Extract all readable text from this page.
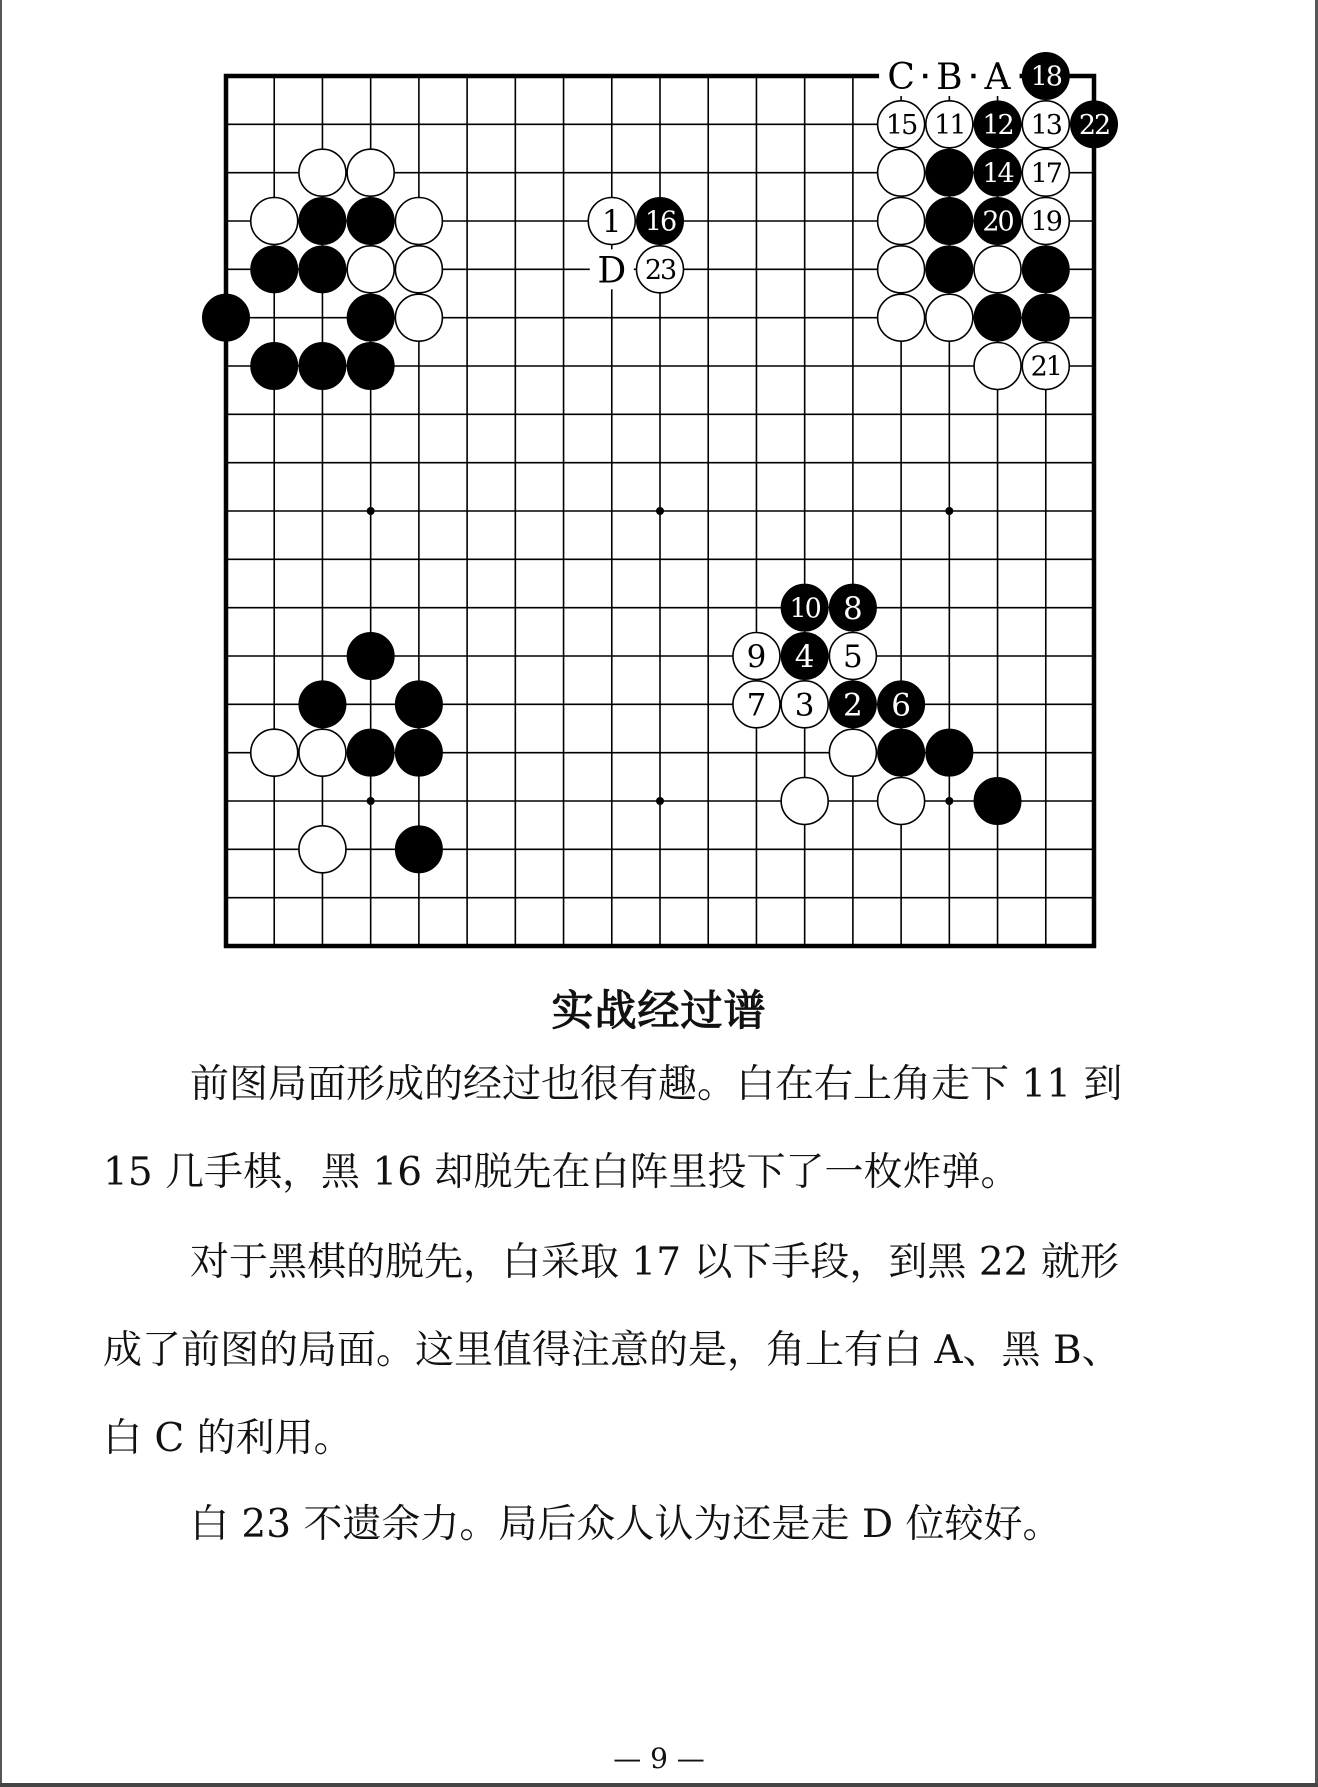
C B A
D
1 16
23
18
15 11 12 13 22
14 17
20 19
21
10 8
9 4 5
7 3 2 6
实战经过谱
前图局面形成的经过也很有趣。白在右上角走下 11 到
15 几手棋，黑 16 却脱先在白阵里投下了一枚炸弹。
对于黑棋的脱先，白采取 17 以下手段，到黑 22 就形
成了前图的局面。这里值得注意的是，角上有白 A、黑 B、
白 C 的利用。
白 23 不遗余力。局后众人认为还是走 D 位较好。
— 9 —
